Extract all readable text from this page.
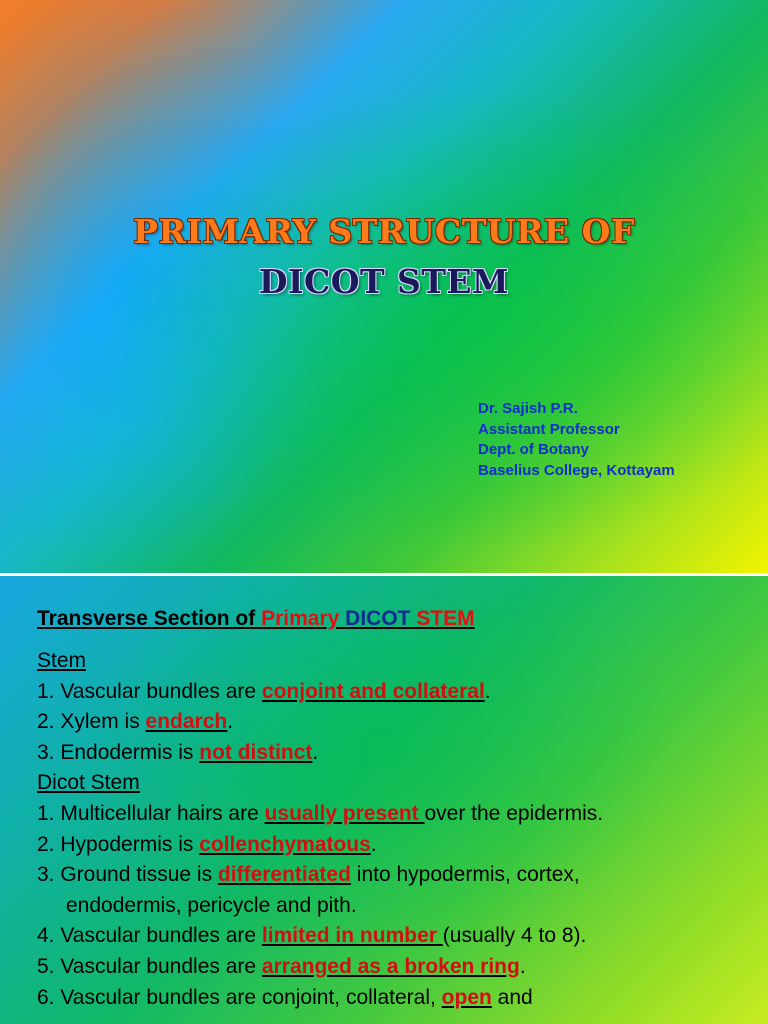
PRIMARY STRUCTURE OF
DICOT STEM
Dr. Sajish P.R.
Assistant Professor
Dept. of Botany
Baselius College, Kottayam
Transverse Section of Primary DICOT STEM
Stem
1. Vascular bundles are conjoint and collateral.
2. Xylem is endarch.
3. Endodermis is not distinct.
Dicot Stem
1. Multicellular hairs are usually present over the epidermis.
2. Hypodermis is collenchymatous.
3. Ground tissue is differentiated into hypodermis, cortex,
endodermis, pericycle and pith.
4. Vascular bundles are limited in number (usually 4 to 8).
5. Vascular bundles are arranged as a broken ring.
6. Vascular bundles are conjoint, collateral, open and
